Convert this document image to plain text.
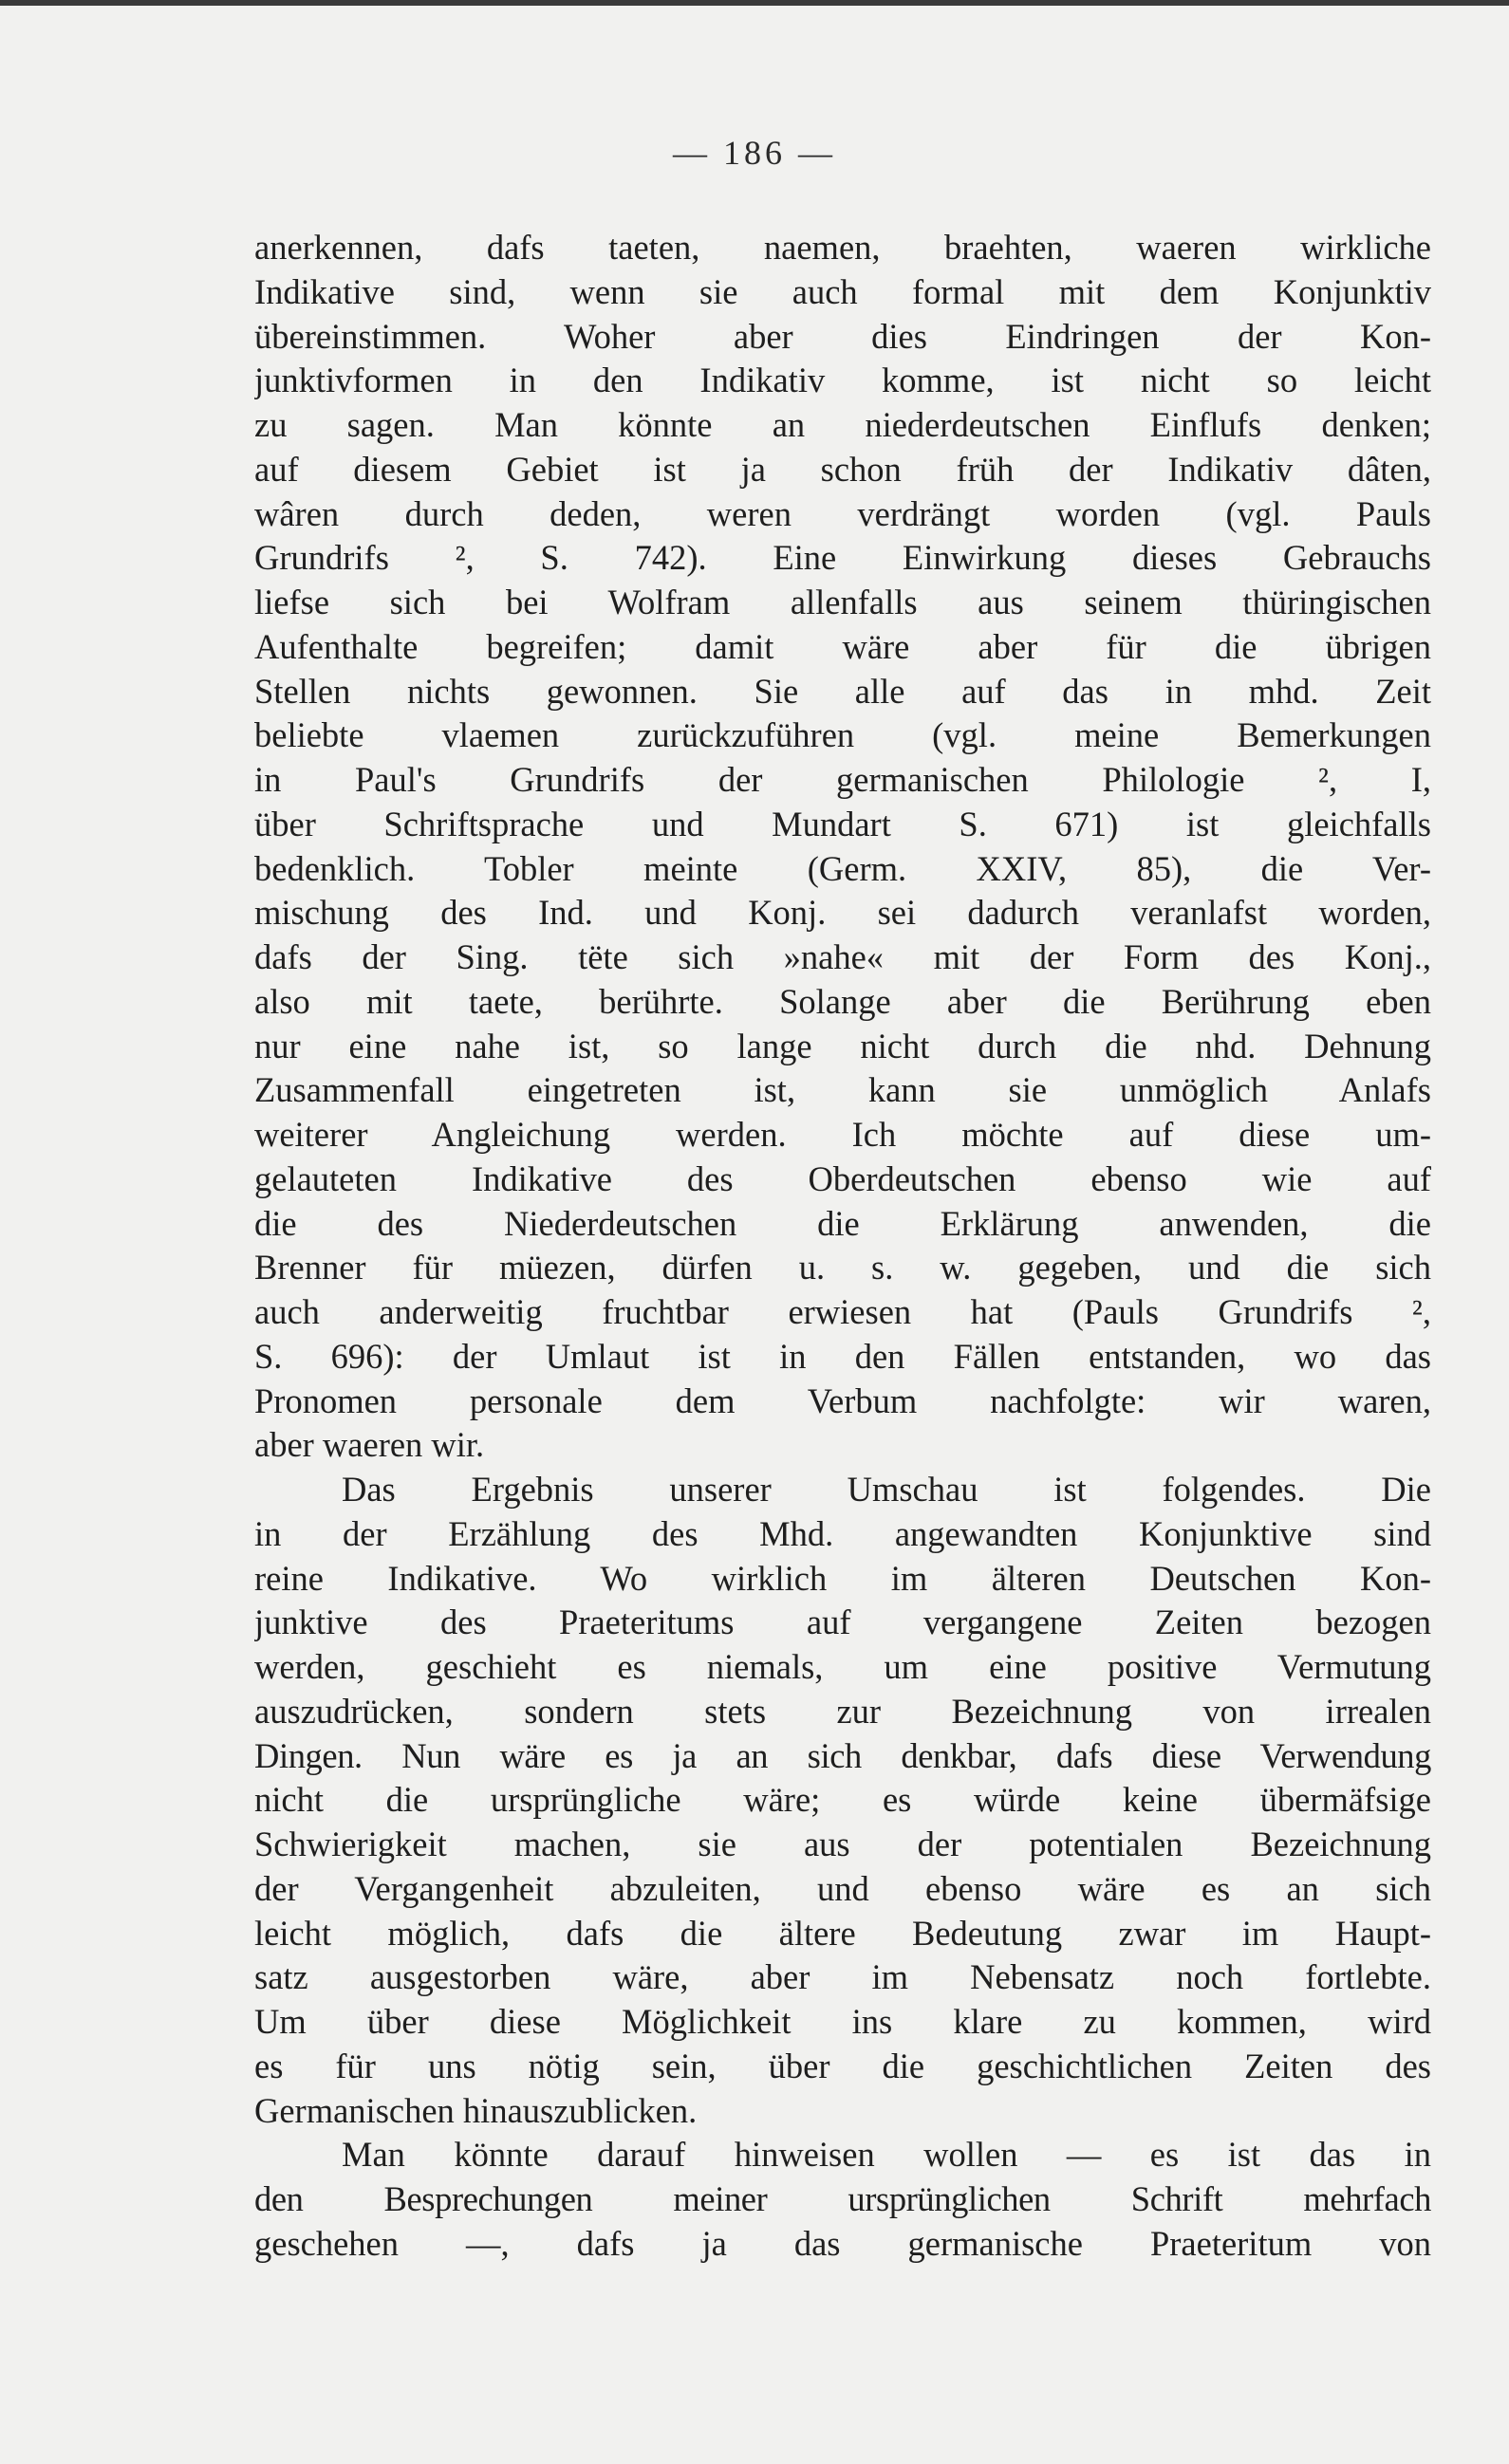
— 186 —
anerkennen, dafs taeten, naemen, braehten, waeren wirkliche
Indikative sind, wenn sie auch formal mit dem Konjunktiv
übereinstimmen. Woher aber dies Eindringen der Kon-
junktivformen in den Indikativ komme, ist nicht so leicht
zu sagen. Man könnte an niederdeutschen Einflufs denken;
auf diesem Gebiet ist ja schon früh der Indikativ dâten,
wâren durch deden, weren verdrängt worden (vgl. Pauls
Grundrifs ², S. 742). Eine Einwirkung dieses Gebrauchs
liefse sich bei Wolfram allenfalls aus seinem thüringischen
Aufenthalte begreifen; damit wäre aber für die übrigen
Stellen nichts gewonnen. Sie alle auf das in mhd. Zeit
beliebte vlaemen zurückzuführen (vgl. meine Bemerkungen
in Paul's Grundrifs der germanischen Philologie ², I,
über Schriftsprache und Mundart S. 671) ist gleichfalls
bedenklich. Tobler meinte (Germ. XXIV, 85), die Ver-
mischung des Ind. und Konj. sei dadurch veranlafst worden,
dafs der Sing. tëte sich »nahe« mit der Form des Konj.,
also mit taete, berührte. Solange aber die Berührung eben
nur eine nahe ist, so lange nicht durch die nhd. Dehnung
Zusammenfall eingetreten ist, kann sie unmöglich Anlafs
weiterer Angleichung werden. Ich möchte auf diese um-
gelauteten Indikative des Oberdeutschen ebenso wie auf
die des Niederdeutschen die Erklärung anwenden, die
Brenner für müezen, dürfen u. s. w. gegeben, und die sich
auch anderweitig fruchtbar erwiesen hat (Pauls Grundrifs ²,
S. 696): der Umlaut ist in den Fällen entstanden, wo das
Pronomen personale dem Verbum nachfolgte: wir waren,
aber waeren wir.
Das Ergebnis unserer Umschau ist folgendes. Die
in der Erzählung des Mhd. angewandten Konjunktive sind
reine Indikative. Wo wirklich im älteren Deutschen Kon-
junktive des Praeteritums auf vergangene Zeiten bezogen
werden, geschieht es niemals, um eine positive Vermutung
auszudrücken, sondern stets zur Bezeichnung von irrealen
Dingen. Nun wäre es ja an sich denkbar, dafs diese Verwendung
nicht die ursprüngliche wäre; es würde keine übermäfsige
Schwierigkeit machen, sie aus der potentialen Bezeichnung
der Vergangenheit abzuleiten, und ebenso wäre es an sich
leicht möglich, dafs die ältere Bedeutung zwar im Haupt-
satz ausgestorben wäre, aber im Nebensatz noch fortlebte.
Um über diese Möglichkeit ins klare zu kommen, wird
es für uns nötig sein, über die geschichtlichen Zeiten des
Germanischen hinauszublicken.
Man könnte darauf hinweisen wollen — es ist das in
den Besprechungen meiner ursprünglichen Schrift mehrfach
geschehen —, dafs ja das germanische Praeteritum von
